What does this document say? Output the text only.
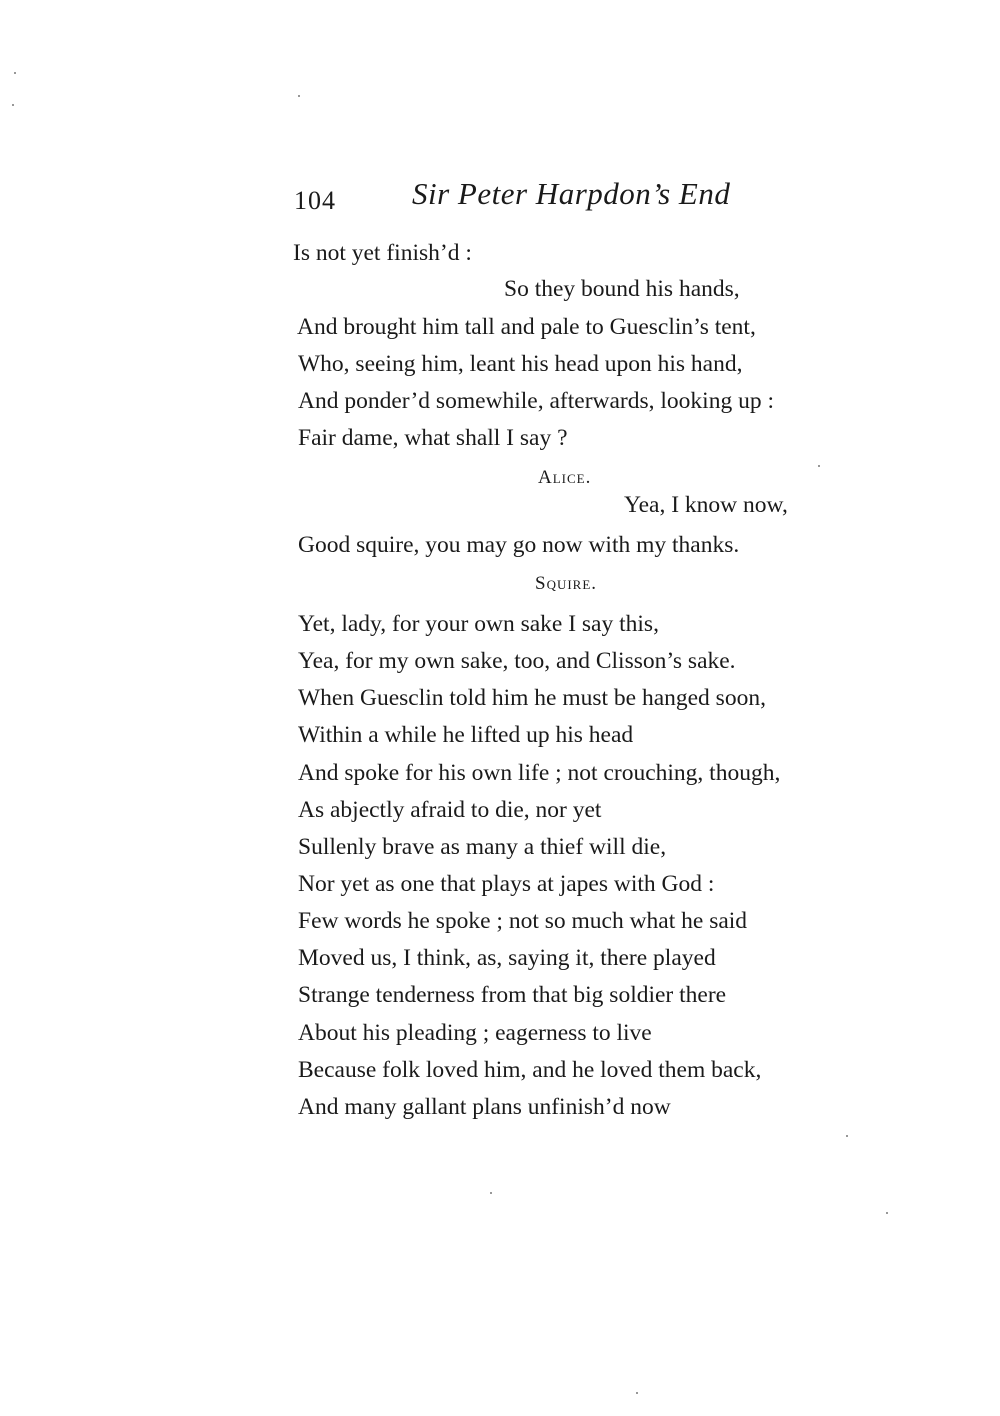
104 Sir Peter Harpdon’s End
Is not yet finish’d :
So they bound his hands,
And brought him tall and pale to Guesclin’s tent,
Who, seeing him, leant his head upon his hand,
And ponder’d somewhile, afterwards, looking up :
Fair dame, what shall I say ?
Alice.
Yea, I know now,
Good squire, you may go now with my thanks.
Squire.
Yet, lady, for your own sake I say this,
Yea, for my own sake, too, and Clisson’s sake.
When Guesclin told him he must be hanged soon,
Within a while he lifted up his head
And spoke for his own life ; not crouching, though,
As abjectly afraid to die, nor yet
Sullenly brave as many a thief will die,
Nor yet as one that plays at japes with God :
Few words he spoke ; not so much what he said
Moved us, I think, as, saying it, there played
Strange tenderness from that big soldier there
About his pleading ; eagerness to live
Because folk loved him, and he loved them back,
And many gallant plans unfinish’d now
